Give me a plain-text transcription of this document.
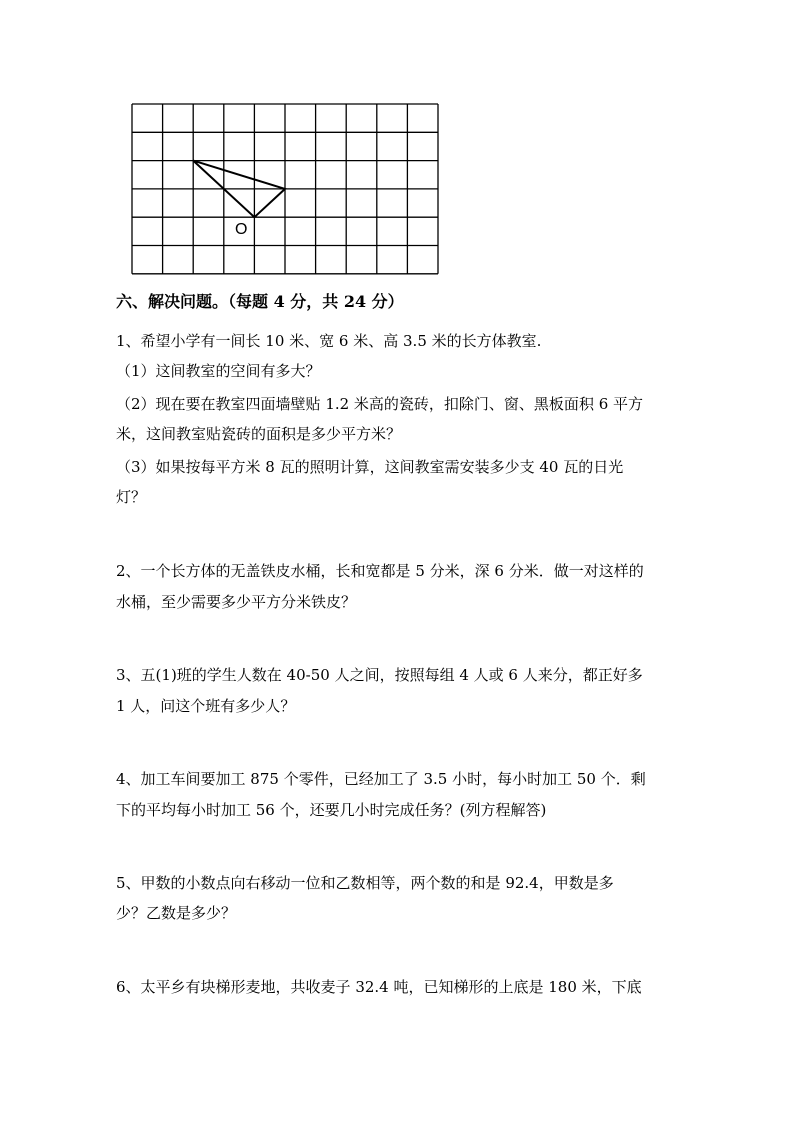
O
六、解决问题。（每题 4 分，共 24 分）
1、希望小学有一间长 10 米、宽 6 米、高 3.5 米的长方体教室.
（1）这间教室的空间有多大？
（2）现在要在教室四面墙壁贴 1.2 米高的瓷砖，扣除门、窗、黑板面积 6 平方
米，这间教室贴瓷砖的面积是多少平方米？
（3）如果按每平方米 8 瓦的照明计算，这间教室需安装多少支 40 瓦的日光
灯？
2、一个长方体的无盖铁皮水桶，长和宽都是 5 分米，深 6 分米．做一对这样的
水桶，至少需要多少平方分米铁皮？
3、五(1)班的学生人数在 40-50 人之间，按照每组 4 人或 6 人来分，都正好多
1 人，问这个班有多少人？
4、加工车间要加工 875 个零件，已经加工了 3.5 小时，每小时加工 50 个．剩
下的平均每小时加工 56 个，还要几小时完成任务？(列方程解答)
5、甲数的小数点向右移动一位和乙数相等，两个数的和是 92.4，甲数是多
少？乙数是多少？
6、太平乡有块梯形麦地，共收麦子 32.4 吨，已知梯形的上底是 180 米，下底
